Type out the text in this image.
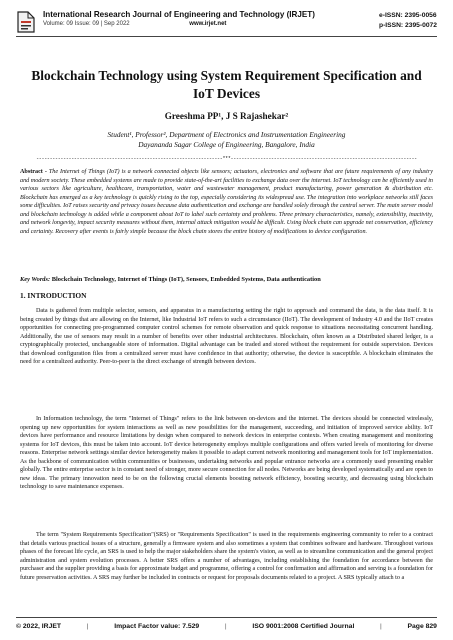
International Research Journal of Engineering and Technology (IRJET)
Volume: 09 Issue: 09 | Sep 2022	www.irjet.net
e-ISSN: 2395-0056
p-ISSN: 2395-0072
Blockchain Technology using System Requirement Specification and
IoT Devices
Greeshma PP¹, J S Rajashekar²
Student¹, Professor², Department of Electronics and Instrumentation Engineering
Dayananda Sagar College of Engineering, Bangalore, India
---------------------------------------------------------------------***---------------------------------------------------------------------
Abstract - The Internet of Things (IoT) is a network connected objects like sensors; actuators, electronics and software that are future requirements of any industry and modern society. These embedded systems are made to provide state-of-the-art facilities to exchange data over the internet. IoT technology can be efficiently used in various sectors like agriculture, healthcare, transportation, water and wastewater management, product manufacturing, power generation & distribution etc. Blockchain has emerged as a key technology is quickly rising to the top, especially considering its widespread use. The integration into workplace networks still faces some difficulties. IoT raises security and privacy issues because data authentication and exchange are handled solely through the central server. The main server model and blockchain technology is added while a component about IoT to label such certainty and problems. Three primary characteristics, namely, extensibility, inactivity, and network longevity, impact security measures without them, internal attack mitigation would be difficult. Using block chain can upgrade net conservation, efficiency and certainty. Recovery after events is fairly simple because the block chain stores the entire history of modifications to device configuration.
Key Words: Blockchain Technology, Internet of Things (IoT), Sensors, Embedded Systems, Data authentication
1. INTRODUCTION
Data is gathered from multiple selector, sensors, and apparatus in a manufacturing setting the right to approach and command the data, is the data itself. It is being created by things that are allowing on the Internet, like Industrial IoT refers to such a circumstance (IIoT). The development of Industry 4.0 and the IIoT creates opportunities for connecting pre-programmed computer control schemes for remote observation and quick response to situations necessitating concurrent handling. Additionally, the use of sensors may result in a number of benefits over other industrial architectures. Blockchain, often known as a Distributed shared ledger, is a cryptographically protected, unchangeable store of information. Digital advantage can be traded and stored without the requirement for outside supervision. Devices that download configuration files from a centralized server must have confidence in that authority; otherwise, the device is susceptible. A blockchain eliminates the need for a centralized authority. Peer-to-peer is the direct exchange of strength between devices.
In Information technology, the term "Internet of Things" refers to the link between on-devices and the internet. The devices should be connected wirelessly, opening up new opportunities for system interactions as well as new possibilities for the management, succeeding, and initiation of improved service ability. IoT devices have performance and resource limitations by design when compared to network devices in enterprise contexts. When creating management and monitoring systems for IoT devices, this must be taken into account. IoT device heterogeneity employs multiple configurations and offers varied levels of monitoring for diverse reasons. Enterprise network settings similar device heterogeneity makes it possible to adapt current network monitoring and management tools for IoT implementation. As the backbone of communication within communities or businesses, undertaking networks and popular entrance networks are a commonly used presenting enabler globally. The entire enterprise sector is in constant need of stronger, more secure connection for all nodes. Networks are being developed systematically and are open to new ideas. The primary innovation need to be on the following crucial elements boosting network efficiency, boosting security, and decreasing using blockchain technology to save maintenance expenses.
The term "System Requirements Specification"(SRS) or "Requirements Specification" is used in the requirements engineering community to refer to a contract that details various practical issues of a structure, generally a firmware system and also sometimes a system that combines software and hardware. Throughout various phases of the forecast life cycle, an SRS is used to help the major stakeholders share the system's vision, as well as to streamline communication and the general project administration and system evolution processes. A better SRS offers a number of advantages, including establishing the foundation for accordance between the purchaser and the supplier providing a basis for approximate budget and programme, offering a control for confirmation and affirmation and serving is a foundation for future preservation activities. A SRS may further be included in contracts or request for proposals documents related to a project. A SRS typically attach to a
© 2022, IRJET	|	Impact Factor value: 7.529	|	ISO 9001:2008 Certified Journal	|	Page 829
